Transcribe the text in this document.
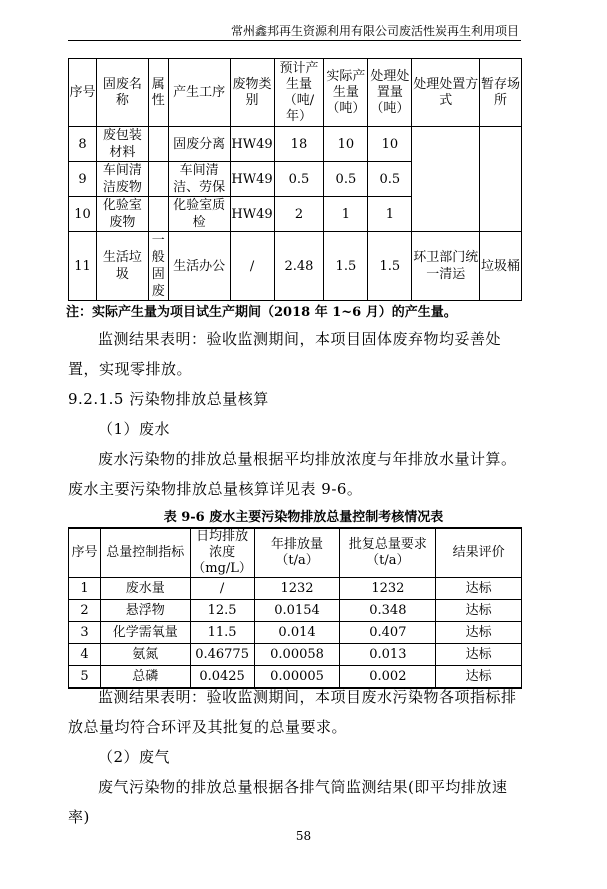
常州鑫邦再生资源利用有限公司废活性炭再生利用项目
序号	固废名称	属性	产生工序	废物类别	预计产生量（吨/年）	实际产生量（吨）	处理处置量（吨）	处理处置方式	暂存场所
8	废包装材料		固废分离	HW49	18	10	10		
9	车间清洁废物		车间清洁、劳保	HW49	0.5	0.5	0.5		
10	化验室废物		化验室质检	HW49	2	1	1		
11	生活垃圾	一般固废	生活办公	/	2.48	1.5	1.5	环卫部门统一清运	垃圾桶
注：实际产生量为项目试生产期间（2018 年 1~6 月）的产生量。
监测结果表明：验收监测期间，本项目固体废弃物均妥善处置，实现零排放。
9.2.1.5 污染物排放总量核算
（1）废水
废水污染物的排放总量根据平均排放浓度与年排放水量计算。废水主要污染物排放总量核算详见表 9-6。
表 9-6 废水主要污染物排放总量控制考核情况表
序号	总量控制指标	日均排放浓度（mg/L）	年排放量（t/a）	批复总量要求（t/a）	结果评价
1	废水量	/	1232	1232	达标
2	悬浮物	12.5	0.0154	0.348	达标
3	化学需氧量	11.5	0.014	0.407	达标
4	氨氮	0.46775	0.00058	0.013	达标
5	总磷	0.0425	0.00005	0.002	达标
监测结果表明：验收监测期间，本项目废水污染物各项指标排放总量均符合环评及其批复的总量要求。
（2）废气
废气污染物的排放总量根据各排气筒监测结果(即平均排放速率)
58
